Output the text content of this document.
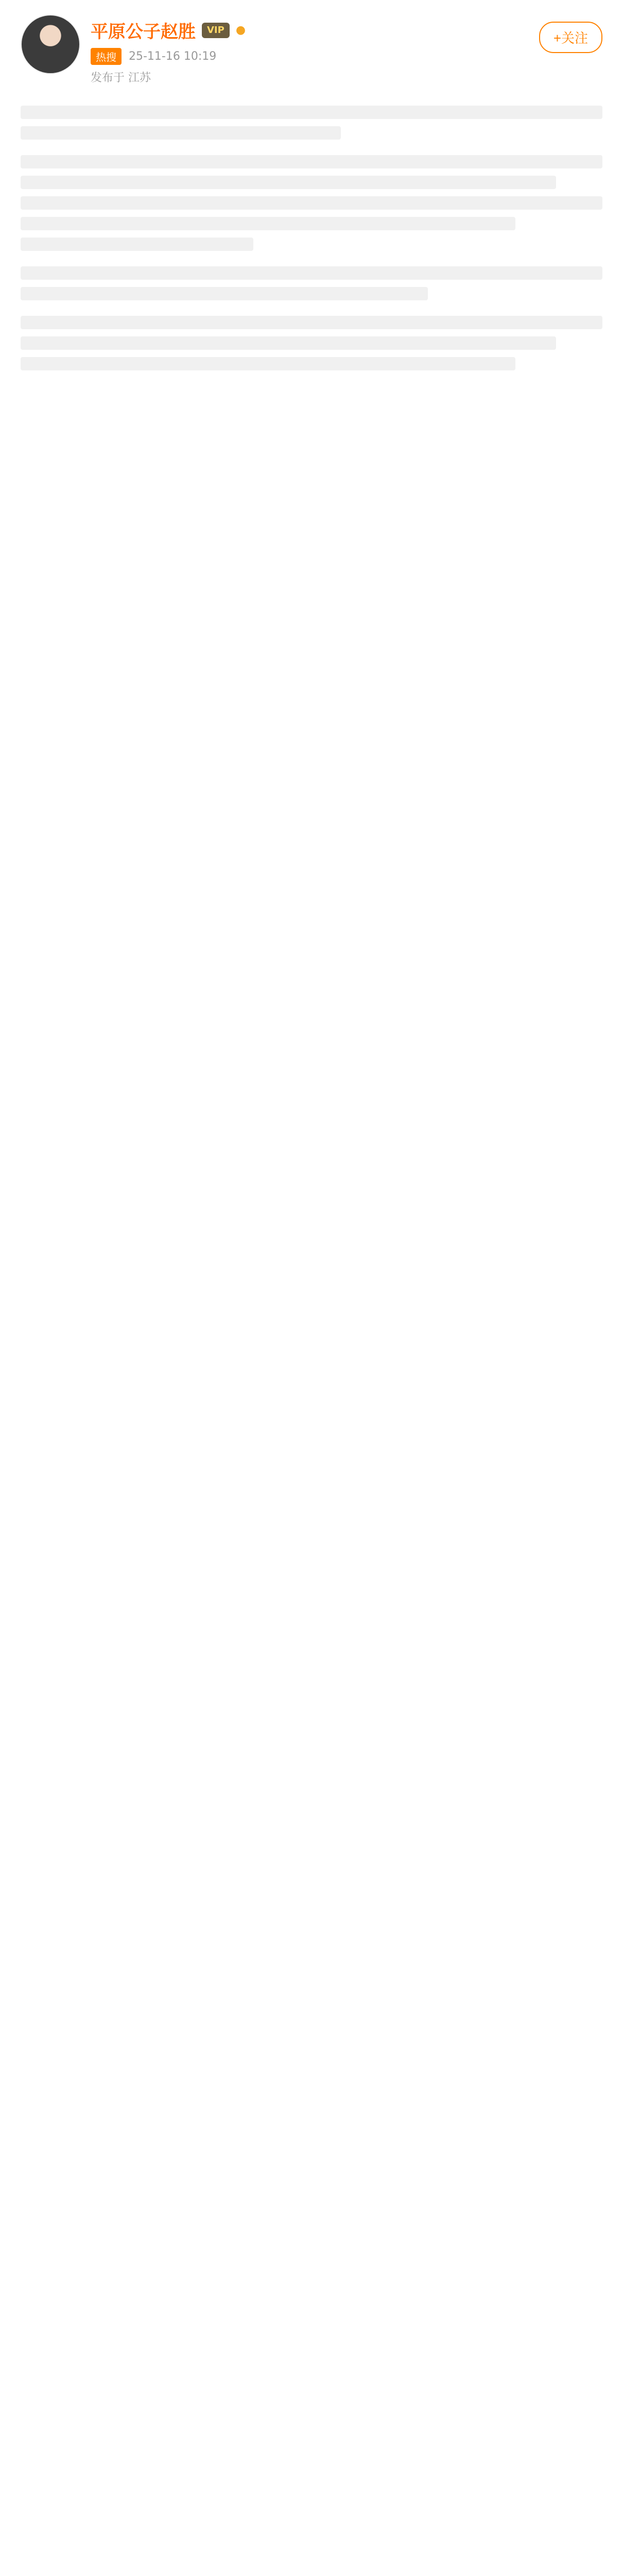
平原公子赵胜	VIP	●
热搜	25-11-16 10:19
发布于 江苏
+关注
